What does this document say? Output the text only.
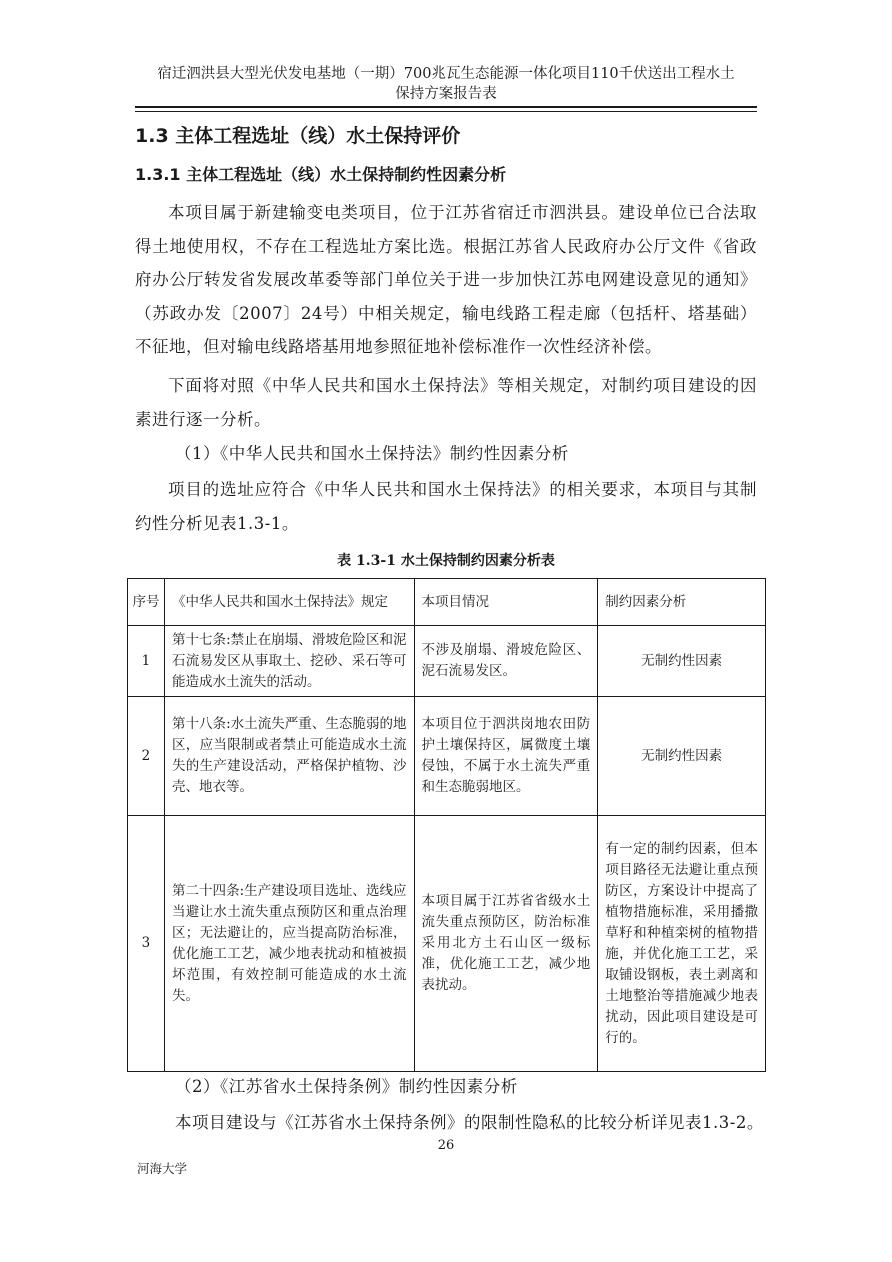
宿迁泗洪县大型光伏发电基地（一期）700兆瓦生态能源一体化项目110千伏送出工程水土
保持方案报告表
1.3 主体工程选址（线）水土保持评价
1.3.1 主体工程选址（线）水土保持制约性因素分析
本项目属于新建输变电类项目，位于江苏省宿迁市泗洪县。建设单位已合法取得土地使用权，不存在工程选址方案比选。根据江苏省人民政府办公厅文件《省政府办公厅转发省发展改革委等部门单位关于进一步加快江苏电网建设意见的通知》（苏政办发〔2007〕24号）中相关规定，输电线路工程走廊（包括杆、塔基础）不征地，但对输电线路塔基用地参照征地补偿标准作一次性经济补偿。
下面将对照《中华人民共和国水土保持法》等相关规定，对制约项目建设的因素进行逐一分析。
（1）《中华人民共和国水土保持法》制约性因素分析
项目的选址应符合《中华人民共和国水土保持法》的相关要求，本项目与其制约性分析见表1.3-1。
表 1.3-1 水土保持制约因素分析表
序号	《中华人民共和国水土保持法》规定	本项目情况	制约因素分析
1	第十七条:禁止在崩塌、滑坡危险区和泥石流易发区从事取土、挖砂、采石等可能造成水土流失的活动。	不涉及崩塌、滑坡危险区、泥石流易发区。	无制约性因素
2	第十八条:水土流失严重、生态脆弱的地区，应当限制或者禁止可能造成水土流失的生产建设活动，严格保护植物、沙壳、地衣等。	本项目位于泗洪岗地农田防护土壤保持区，属微度土壤侵蚀，不属于水土流失严重和生态脆弱地区。	无制约性因素
3	第二十四条:生产建设项目选址、选线应当避让水土流失重点预防区和重点治理区；无法避让的，应当提高防治标准，优化施工工艺，减少地表扰动和植被损坏范围，有效控制可能造成的水土流失。	本项目属于江苏省省级水土流失重点预防区，防治标准采用北方土石山区一级标准，优化施工工艺，减少地表扰动。	有一定的制约因素，但本项目路径无法避让重点预防区，方案设计中提高了植物措施标准，采用播撒草籽和种植栾树的植物措施，并优化施工工艺，采取铺设钢板，表土剥离和土地整治等措施减少地表扰动，因此项目建设是可行的。
（2）《江苏省水土保持条例》制约性因素分析
本项目建设与《江苏省水土保持条例》的限制性隐私的比较分析详见表1.3-2。
26
河海大学
